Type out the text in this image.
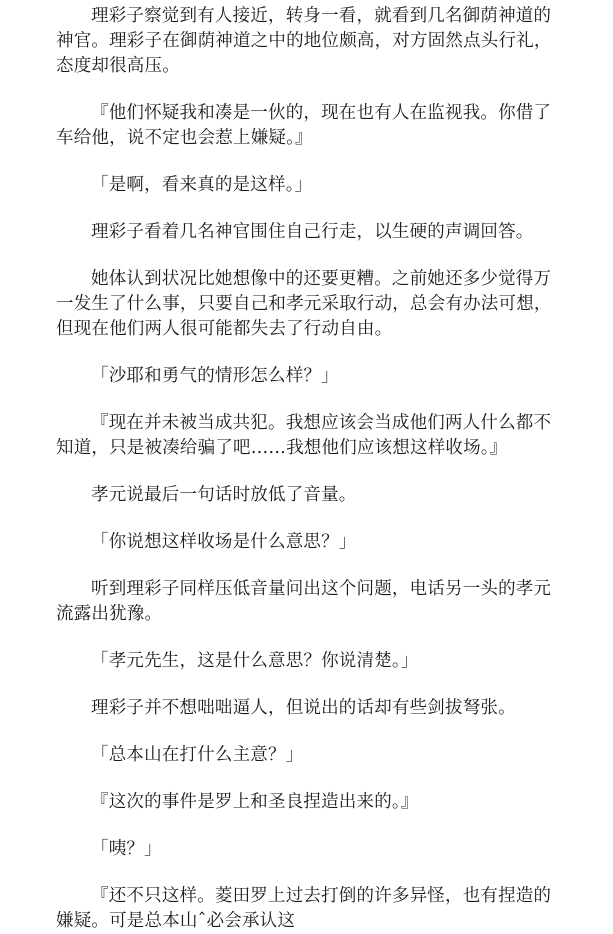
理彩子察觉到有人接近，转身一看，就看到几名御荫神道的神官。理彩子在御荫神道之中的地位颇高，对方固然点头行礼，态度却很高压。

『他们怀疑我和凑是一伙的，现在也有人在监视我。你借了车给他，说不定也会惹上嫌疑。』

「是啊，看来真的是这样。」

理彩子看着几名神官围住自己行走，以生硬的声调回答。

她体认到状况比她想像中的还要更糟。之前她还多少觉得万一发生了什么事，只要自己和孝元采取行动，总会有办法可想，但现在他们两人很可能都失去了行动自由。

「沙耶和勇气的情形怎么样？」

『现在并未被当成共犯。我想应该会当成他们两人什么都不知道，只是被凑给骗了吧……我想他们应该想这样收场。』

孝元说最后一句话时放低了音量。

「你说想这样收场是什么意思？」

听到理彩子同样压低音量问出这个问题，电话另一头的孝元流露出犹豫。

「孝元先生，这是什么意思？你说清楚。」

理彩子并不想咄咄逼人，但说出的话却有些剑拔弩张。

「总本山在打什么主意？」

『这次的事件是罗上和圣良捏造出来的。』

「咦？」

『还不只这样。菱田罗上过去打倒的许多异怪，也有捏造的嫌疑。可是总本山ˆ必会承认这
